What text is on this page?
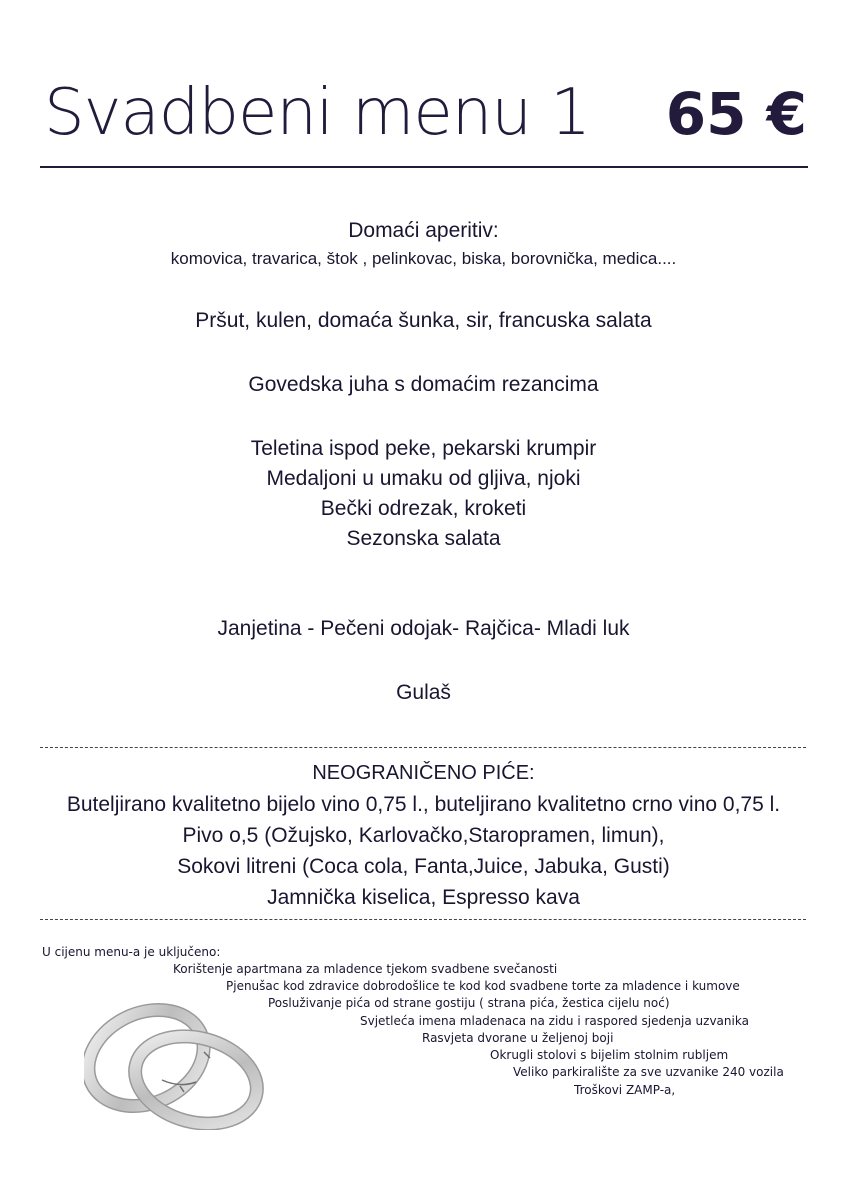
Svadbeni menu 1 65 €
Domaći aperitiv:
komovica, travarica, štok , pelinkovac, biska, borovnička, medica....
Pršut, kulen, domaća šunka, sir, francuska salata
Govedska juha s domaćim rezancima
Teletina ispod peke, pekarski krumpir
Medaljoni u umaku od gljiva, njoki
Bečki odrezak, kroketi
Sezonska salata
Janjetina - Pečeni odojak- Rajčica- Mladi luk
Gulaš
NEOGRANIČENO PIĆE:
Buteljirano kvalitetno bijelo vino 0,75 l., buteljirano kvalitetno crno vino 0,75 l.
Pivo o,5 (Ožujsko, Karlovačko,Staropramen, limun),
Sokovi litreni (Coca cola, Fanta,Juice, Jabuka, Gusti)
Jamnička kiselica, Espresso kava
U cijenu menu-a je uključeno:
Korištenje apartmana za mladence tjekom svadbene svečanosti
Pjenušac kod zdravice dobrodošlice te kod kod svadbene torte za mladence i kumove
Posluživanje pića od strane gostiju ( strana pića, žestica cijelu noć)
Svjetleća imena mladenaca na zidu i raspored sjedenja uzvanika
Rasvjeta dvorane u željenoj boji
Okrugli stolovi s bijelim stolnim rubljem
Veliko parkiralište za sve uzvanike 240 vozila
Troškovi ZAMP-a,
